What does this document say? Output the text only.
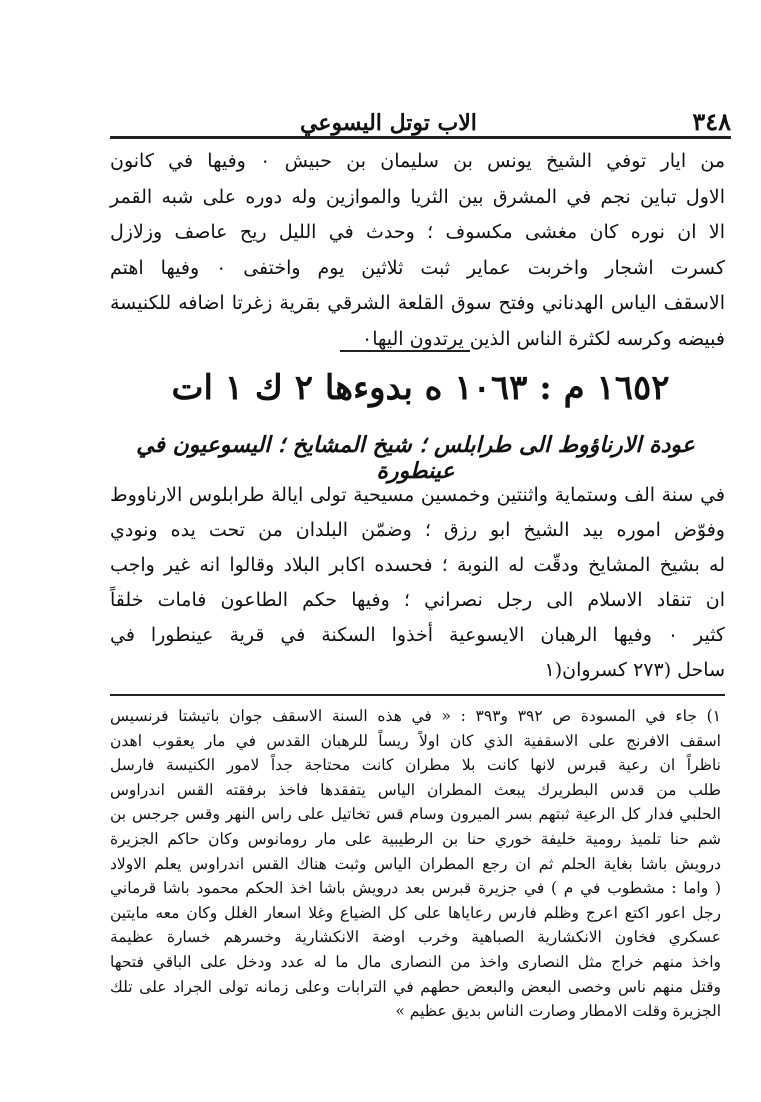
الاب توتل اليسوعي	٣٤٨
من ايار توفي الشيخ يونس بن سليمان بن حبيش ۰ وفيها في كانون
الاول تباين نجم في المشرق بين الثريا والموازين وله دوره على شبه القمر
الا ان نوره كان مغشى مكسوف ؛ وحدث في الليل ريح عاصف وزلازل
كسرت اشجار واخربت عماير ثبت ثلاثين يوم واختفى ۰ وفيها اهتم
الاسقف الياس الهدناني وفتح سوق القلعة الشرقي بقرية زغرتا اضافه للكنيسة
فبيضه وكرسه لكثرة الناس الذين يرتدون اليها۰
١٦٥٢ م : ١٠٦٣ ه بدوءها ٢ ك ١ ات
عودة الارناؤوط الى طرابلس ؛ شيخ المشايخ ؛ اليسوعيون في عينطورة
في سنة الف وستماية واثنتين وخمسين مسيحية تولى ايالة طرابلوس الارناووط
وفوّض اموره بيد الشيخ ابو رزق ؛ وضمّن البلدان من تحت يده ونودي
له بشيخ المشايخ ودقّت له النوبة ؛ فحسده اكابر البلاد وقالوا انه غير واجب
ان تنقاد الاسلام الى رجل نصراني ؛ وفيها حكم الطاعون فامات خلقاً
كثير ۰ وفيها الرهبان الايسوعية أخذوا السكنة في قرية عينطورا في
ساحل (٢٧٣ كسروان(١
١) جاء في المسودة ص ٣٩٢ و٣٩٣ : « في هذه السنة الاسقف جوان باتيشتا فرنسيس
اسقف الافرنج على الاسقفية الذي كان اولاً ريساً للرهبان القدس في مار يعقوب اهدن
ناظراً ان رعية قبرس لانها كانت بلا مطران كانت محتاجة جداً لامور الكنيسة فارسل
طلب من قدس البطريرك يبعث المطران الياس يتفقدها فاخذ برفقته القس اندراوس
الحلبي فدار كل الرعية ثبتهم بسر الميرون وسام قس تخاتيل على راس النهر وقس جرجس بن
شم حنا تلميذ رومية خليفة خوري حنا بن الرطيبية على مار رومانوس وكان حاكم الجزيرة
درويش باشا بغاية الحلم ثم ان رجع المطران الياس وثبت هناك القس اندراوس يعلم الاولاد
( واما : مشطوب في م ) في جزيرة قبرس بعد درويش باشا اخذ الحكم محمود باشا قرماني
رجل اعور اكتع اعرج وظلم فارس رعاياها على كل الضياع وغلا اسعار الغلل وكان معه مايتين
عسكري فخاون الانكشارية الصباهية وخرب اوضة الانكشارية وخسرهم خسارة عظيمة
واخذ منهم خراج مثل النصارى واخذ من النصارى مال ما له عدد ودخل على الباقي فتحها
وقتل منهم ناس وخصى البعض والبعض حطهم في الترابات وعلى زمانه تولى الجراد على تلك
الجزيرة وقلت الامطار وصارت الناس بديق عظيم »
